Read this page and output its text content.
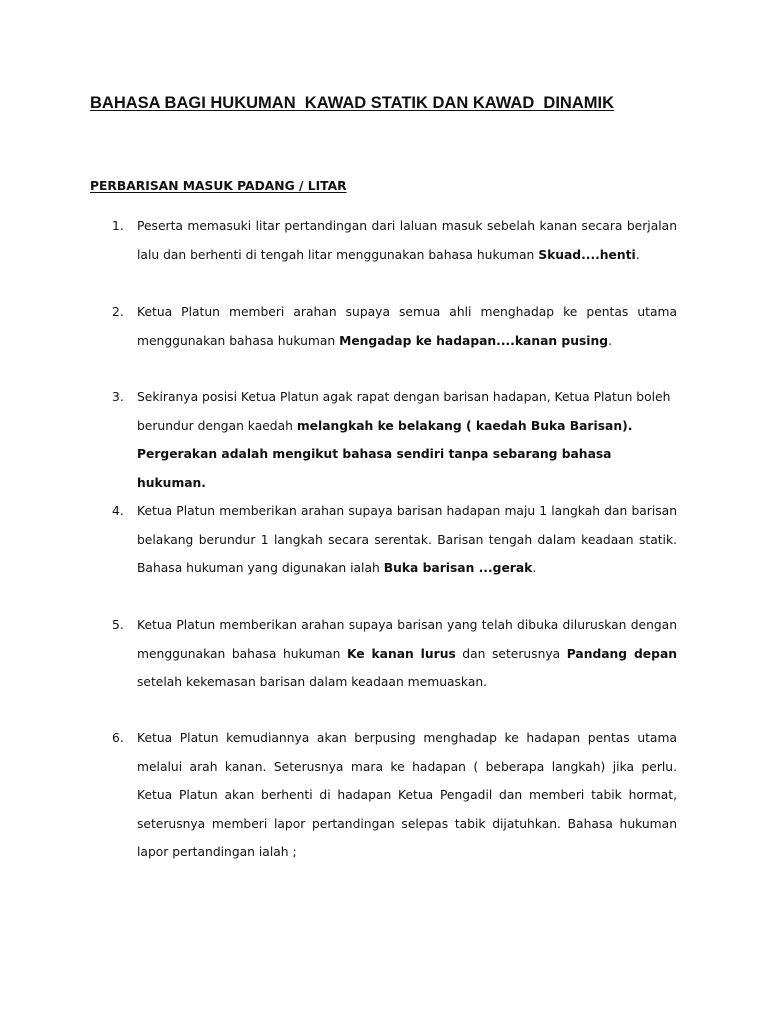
BAHASA BAGI HUKUMAN  KAWAD STATIK DAN KAWAD  DINAMIK
PERBARISAN MASUK PADANG / LITAR
1.	Peserta memasuki litar pertandingan dari laluan masuk sebelah kanan secara berjalan lalu dan berhenti di tengah litar menggunakan bahasa hukuman Skuad....henti.
2.	Ketua Platun memberi arahan supaya semua ahli menghadap ke pentas utama menggunakan bahasa hukuman Mengadap ke hadapan....kanan pusing.
3.	Sekiranya posisi Ketua Platun agak rapat dengan barisan hadapan, Ketua Platun boleh berundur dengan kaedah melangkah ke belakang ( kaedah Buka Barisan). Pergerakan adalah mengikut bahasa sendiri tanpa sebarang bahasa hukuman.
4.	Ketua Platun memberikan arahan supaya barisan hadapan maju 1 langkah dan barisan belakang berundur 1 langkah secara serentak. Barisan tengah dalam keadaan statik. Bahasa hukuman yang digunakan ialah Buka barisan ...gerak.
5.	Ketua Platun memberikan arahan supaya barisan yang telah dibuka diluruskan dengan menggunakan bahasa hukuman Ke kanan lurus dan seterusnya Pandang depan setelah kekemasan barisan dalam keadaan memuaskan.
6.	Ketua Platun kemudiannya akan berpusing menghadap ke hadapan pentas utama melalui arah kanan. Seterusnya mara ke hadapan ( beberapa langkah) jika perlu. Ketua Platun akan berhenti di hadapan Ketua Pengadil dan memberi tabik hormat, seterusnya memberi lapor pertandingan selepas tabik dijatuhkan. Bahasa hukuman lapor pertandingan ialah ;
